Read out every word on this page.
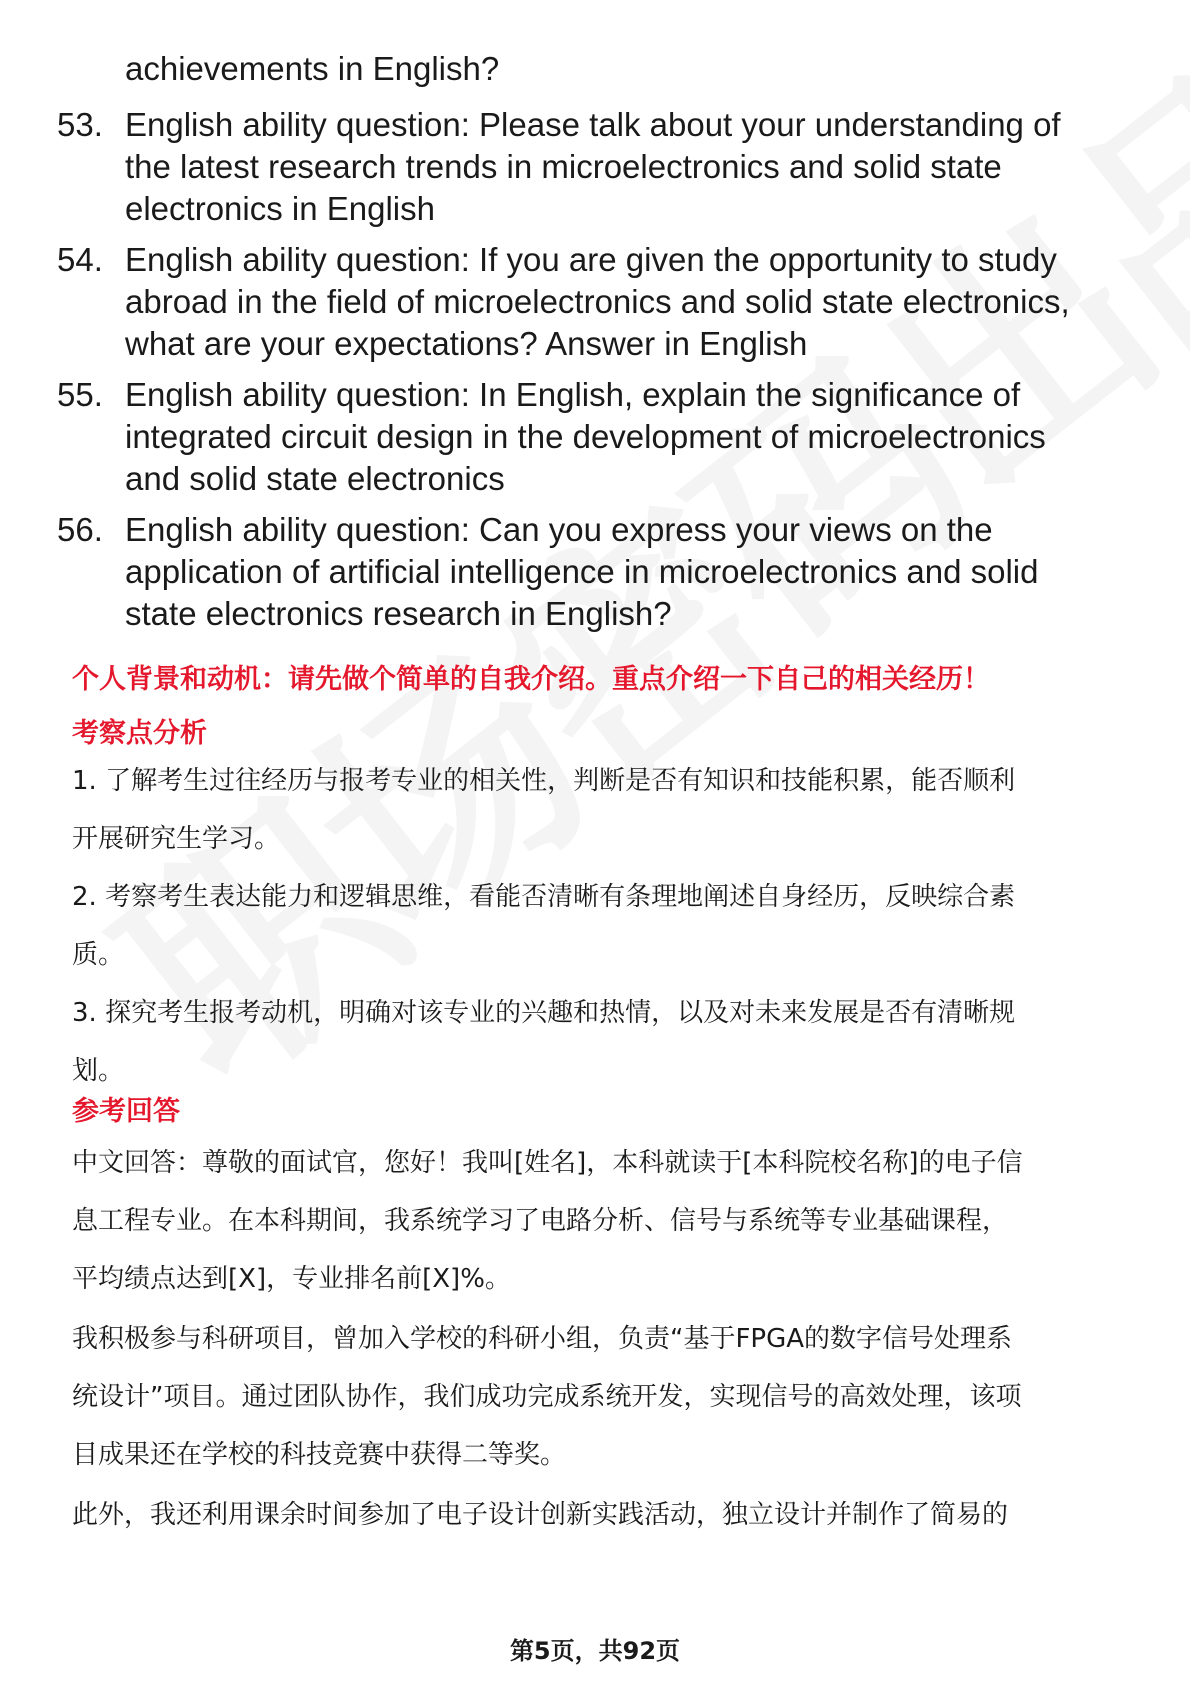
achievements in English?
53. English ability question: Please talk about your understanding of
the latest research trends in microelectronics and solid state
electronics in English
54. English ability question: If you are given the opportunity to study
abroad in the field of microelectronics and solid state electronics,
what are your expectations? Answer in English
55. English ability question: In English, explain the significance of
integrated circuit design in the development of microelectronics
and solid state electronics
56. English ability question: Can you express your views on the
application of artificial intelligence in microelectronics and solid
state electronics research in English?
个人背景和动机：请先做个简单的自我介绍。重点介绍一下自己的相关经历！
考察点分析
1. 了解考生过往经历与报考专业的相关性，判断是否有知识和技能积累，能否顺利
开展研究生学习。
2. 考察考生表达能力和逻辑思维，看能否清晰有条理地阐述自身经历，反映综合素
质。
3. 探究考生报考动机，明确对该专业的兴趣和热情，以及对未来发展是否有清晰规
划。
参考回答
中文回答：尊敬的面试官，您好！我叫[姓名]，本科就读于[本科院校名称]的电子信
息工程专业。在本科期间，我系统学习了电路分析、信号与系统等专业基础课程，
平均绩点达到[X]，专业排名前[X]%。
我积极参与科研项目，曾加入学校的科研小组，负责“基于FPGA的数字信号处理系
统设计”项目。通过团队协作，我们成功完成系统开发，实现信号的高效处理，该项
目成果还在学校的科技竞赛中获得二等奖。
此外，我还利用课余时间参加了电子设计创新实践活动，独立设计并制作了简易的
第5页，共92页
